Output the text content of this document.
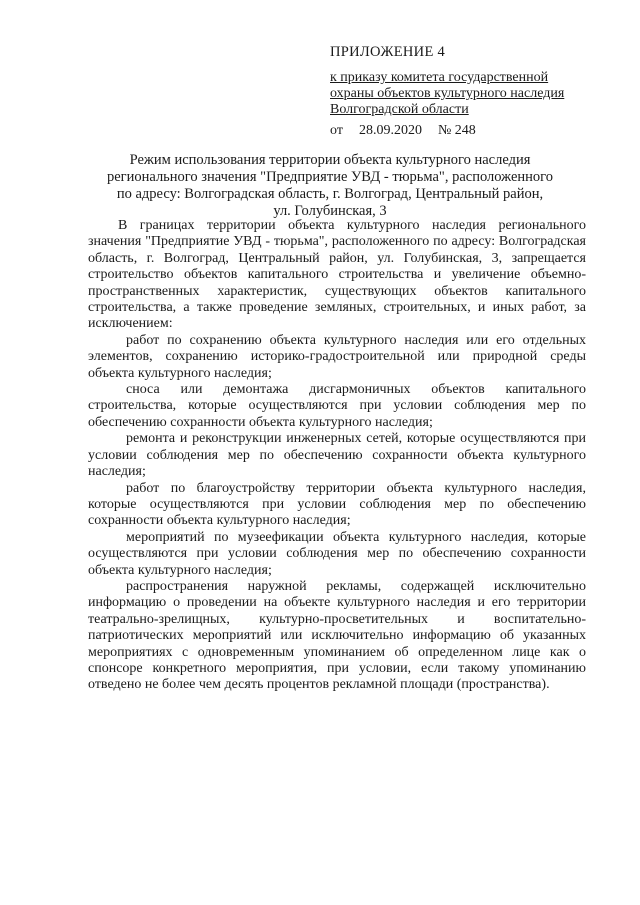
ПРИЛОЖЕНИЕ 4
к приказу комитета государственной
охраны объектов культурного наследия
Волгоградской области
от 28.09.2020 № 248
Режим использования территории объекта культурного наследия
регионального значения "Предприятие УВД - тюрьма", расположенного
по адресу: Волгоградская область, г. Волгоград, Центральный район,
ул. Голубинская, 3

В границах территории объекта культурного наследия регионального значения "Предприятие УВД - тюрьма", расположенного по адресу: Волгоградская область, г. Волгоград, Центральный район, ул. Голубинская, 3, запрещается строительство объектов капитального строительства и увеличение объемно-пространственных характеристик, существующих объектов капитального строительства, а также проведение земляных, строительных, и иных работ, за исключением:

работ по сохранению объекта культурного наследия или его отдельных элементов, сохранению историко-градостроительной или природной среды объекта культурного наследия;

сноса или демонтажа дисгармоничных объектов капитального строительства, которые осуществляются при условии соблюдения мер по обеспечению сохранности объекта культурного наследия;

ремонта и реконструкции инженерных сетей, которые осуществляются при условии соблюдения мер по обеспечению сохранности объекта культурного наследия;

работ по благоустройству территории объекта культурного наследия, которые осуществляются при условии соблюдения мер по обеспечению сохранности объекта культурного наследия;

мероприятий по музеефикации объекта культурного наследия, которые осуществляются при условии соблюдения мер по обеспечению сохранности объекта культурного наследия;

распространения наружной рекламы, содержащей исключительно информацию о проведении на объекте культурного наследия и его территории театрально-зрелищных, культурно-просветительных и воспитательно-патриотических мероприятий или исключительно информацию об указанных мероприятиях с одновременным упоминанием об определенном лице как о спонсоре конкретного мероприятия, при условии, если такому упоминанию отведено не более чем десять процентов рекламной площади (пространства).
